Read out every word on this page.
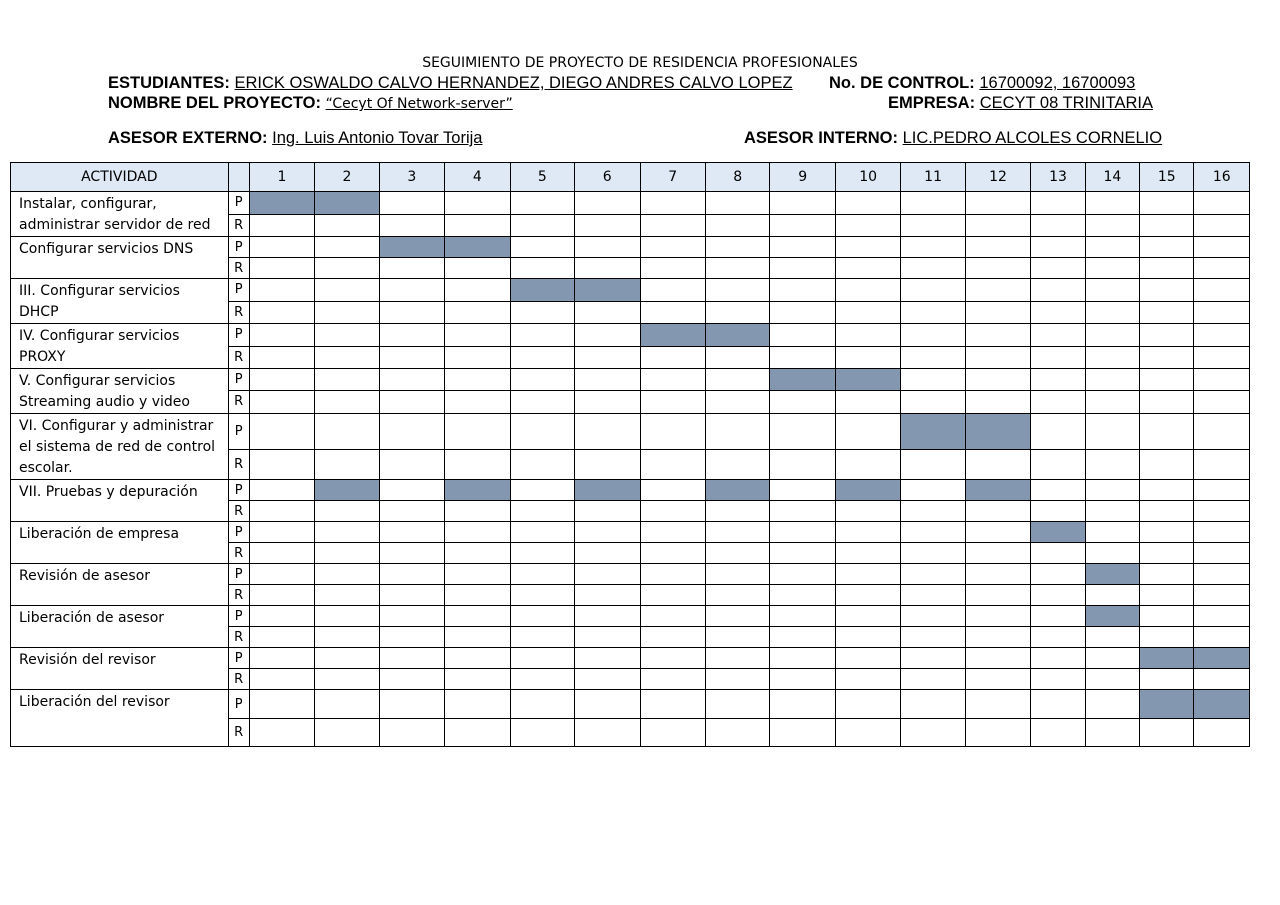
SEGUIMIENTO DE PROYECTO DE RESIDENCIA PROFESIONALES
ESTUDIANTES: ERICK OSWALDO CALVO HERNANDEZ, DIEGO ANDRES CALVO LOPEZ No. DE CONTROL: 16700092, 16700093
NOMBRE DEL PROYECTO: “Cecyt Of Network-server”	EMPRESA: CECYT 08 TRINITARIA
ASESOR EXTERNO: Ing. Luis Antonio Tovar Torija	ASESOR INTERNO: LIC.PEDRO ALCOLES CORNELIO
ACTIVIDAD		1	2	3	4	5	6	7	8	9	10	11	12	13	14	15	16
Instalar, configurar, administrar servidor de red	P																
	R																
Configurar servicios DNS	P																
	R																
III. Configurar servicios DHCP	P																
	R																
IV. Configurar servicios PROXY	P																
	R																
V. Configurar servicios Streaming audio y video	P																
	R																
VI. Configurar y administrar el sistema de red de control escolar.	P																
	R																
VII. Pruebas y depuración	P																
	R																
Liberación de empresa	P																
	R																
Revisión de asesor	P																
	R																
Liberación de asesor	P																
	R																
Revisión del revisor	P																
	R																
Liberación del revisor	P																
	R																
